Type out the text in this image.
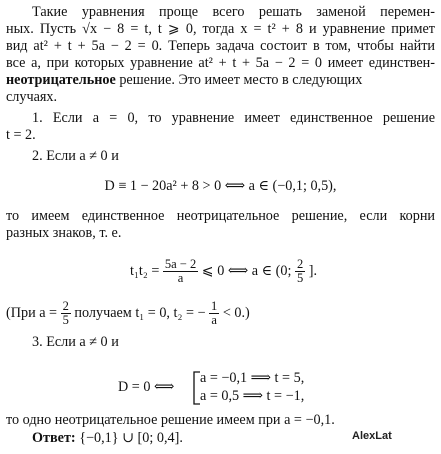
Такие уравнения проще всего решать заменой перемен-
ных. Пусть √x − 8 = t, t ⩾ 0, тогда x = t² + 8 и уравнение примет
вид at² + t + 5a − 2 = 0. Теперь задача состоит в том, чтобы найти
все a, при которых уравнение at² + t + 5a − 2 = 0 имеет единствен-
неотрицательное решение. Это имеет место в следующих
случаях.
1. Если a = 0, то уравнение имеет единственное решение
t = 2.
2. Если a ≠ 0 и
D ≡ 1 − 20a² + 8 > 0 ⟺ a ∈ (−0,1; 0,5),
то имеем единственное неотрицательное решение, если корни
разных знаков, т. е.
$t_1t_2 = \frac{5a - 2}{a}$ ⩽ 0 ⟺ a ∈ (0; $\frac{2}{5}$ ].
(При $a = \frac{2}{5}$ получаем t₁ = 0, t₂ = − $\frac{1}{a} < 0$.)
3. Если a ≠ 0 и
D = 0 ⟺
a = −0,1 ⟹ t = 5,
a = 0,5 ⟹ t = −1,
то одно неотрицательное решение имеем при a = −0,1.
Ответ: {−0,1} ∪ [0; 0,4].	AlexLat
